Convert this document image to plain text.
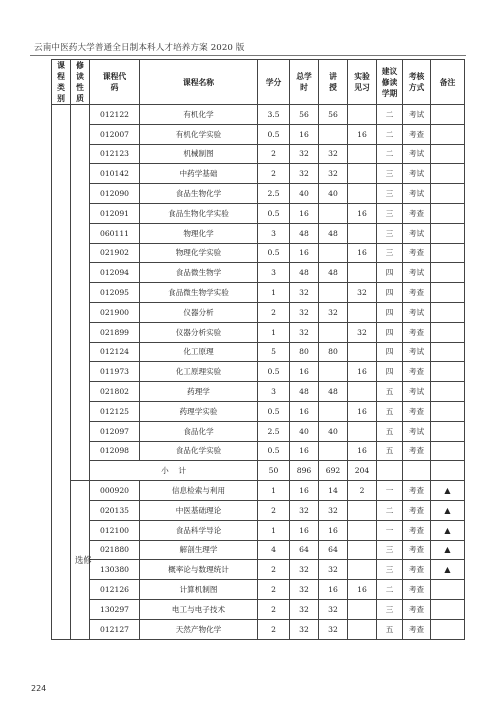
云南中医药大学普通全日制本科人才培养方案 2020 版
课程类别	修读性质	课程代码	课程名称	学分	总学时	讲授	实验见习	建议修读学期	考核方式	备注
		012122	有机化学	3.5	56	56		二	考试	
		012007	有机化学实验	0.5	16		16	二	考查	
		012123	机械制图	2	32	32		二	考试	
		010142	中药学基础	2	32	32		三	考试	
		012090	食品生物化学	2.5	40	40		三	考试	
		012091	食品生物化学实验	0.5	16		16	三	考查	
		060111	物理化学	3	48	48		三	考试	
		021902	物理化学实验	0.5	16		16	三	考查	
		012094	食品微生物学	3	48	48		四	考试	
		012095	食品微生物学实验	1	32		32	四	考查	
		021900	仪器分析	2	32	32		四	考试	
		021899	仪器分析实验	1	32		32	四	考查	
		012124	化工原理	5	80	80		四	考试	
		011973	化工原理实验	0.5	16		16	四	考查	
		021802	药理学	3	48	48		五	考试	
		012125	药理学实验	0.5	16		16	五	考查	
		012097	食品化学	2.5	40	40		五	考试	
		012098	食品化学实验	0.5	16		16	五	考查	
		小    计		50	896	692	204			
	选修	000920	信息检索与利用	1	16	14	2	一	考查	▲
		020135	中医基础理论	2	32	32		二	考查	▲
		012100	食品科学导论	1	16	16		一	考查	▲
		021880	解剖生理学	4	64	64		三	考查	▲
		130380	概率论与数理统计	2	32	32		三	考查	▲
		012126	计算机制图	2	32	16	16	二	考查	
		130297	电工与电子技术	2	32	32		三	考查	
		012127	天然产物化学	2	32	32		五	考查	
224
